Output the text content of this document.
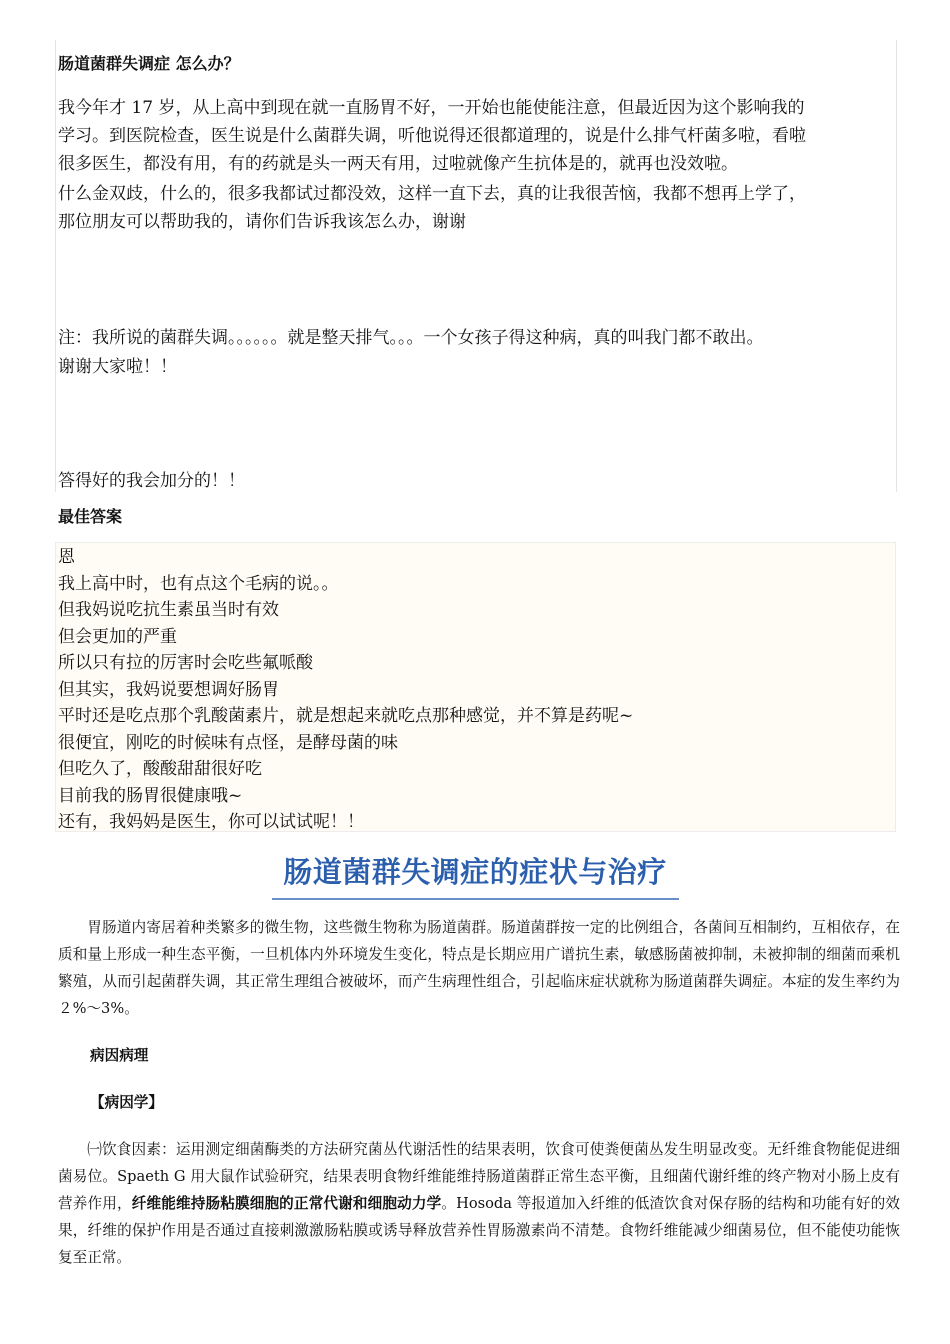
肠道菌群失调症 怎么办？

我今年才 17 岁，从上高中到现在就一直肠胃不好，一开始也能使能注意，但最近因为这个影响我的

学习。到医院检查，医生说是什么菌群失调，听他说得还很都道理的，说是什么排气杆菌多啦，看啦

很多医生，都没有用，有的药就是头一两天有用，过啦就像产生抗体是的，就再也没效啦。

什么金双歧，什么的，很多我都试过都没效，这样一直下去，真的让我很苦恼，我都不想再上学了，

那位朋友可以帮助我的，请你们告诉我该怎么办，谢谢

注：我所说的菌群失调。。。。。。就是整天排气。。。一个女孩子得这种病，真的叫我门都不敢出。

谢谢大家啦！！

答得好的我会加分的！！

最佳答案
恩
我上高中时，也有点这个毛病的说。。
但我妈说吃抗生素虽当时有效
但会更加的严重
所以只有拉的厉害时会吃些氟哌酸
但其实，我妈说要想调好肠胃
平时还是吃点那个乳酸菌素片，就是想起来就吃点那种感觉，并不算是药呢~
很便宜，刚吃的时候味有点怪，是酵母菌的味
但吃久了，酸酸甜甜很好吃
目前我的肠胃很健康哦~
还有，我妈妈是医生，你可以试试呢！！
肠道菌群失调症的症状与治疗

胃肠道内寄居着种类繁多的微生物，这些微生物称为肠道菌群。肠道菌群按一定的比例组合，各菌间互相制约，互相依存，在质和量上形成一种生态平衡，一旦机体内外环境发生变化，特点是长期应用广谱抗生素，敏感肠菌被抑制，未被抑制的细菌而乘机繁殖，从而引起菌群失调，其正常生理组合被破坏，而产生病理性组合，引起临床症状就称为肠道菌群失调症。本症的发生率约为２%～3%。

病因病理
【病因学】

㈠饮食因素：运用测定细菌酶类的方法研究菌丛代谢活性的结果表明，饮食可使粪便菌丛发生明显改变。无纤维食物能促进细菌易位。Spaeth G 用大鼠作试验研究，结果表明食物纤维能维持肠道菌群正常生态平衡，且细菌代谢纤维的终产物对小肠上皮有营养作用，纤维能维持肠粘膜细胞的正常代谢和细胞动力学。Hosoda 等报道加入纤维的低渣饮食对保存肠的结构和功能有好的效果，纤维的保护作用是否通过直接刺激激肠粘膜或诱导释放营养性胃肠激素尚不清楚。食物纤维能减少细菌易位，但不能使功能恢复至正常。
